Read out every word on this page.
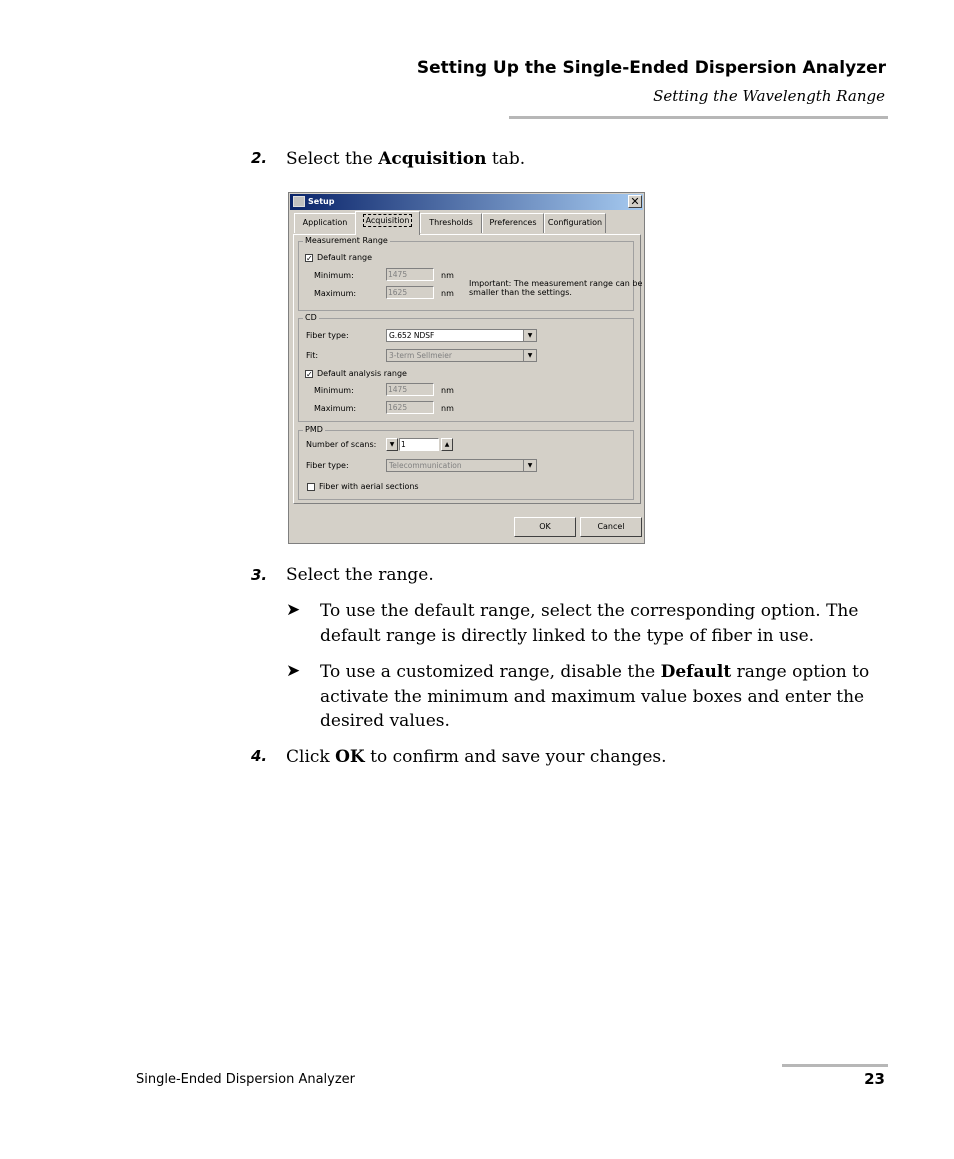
Setting Up the Single-Ended Dispersion Analyzer
Setting the Wavelength Range
2. Select the Acquisition tab.
Setup	✕
Application	Acquisition	Thresholds	Preferences	Configuration
Measurement Range
✓ Default range
Minimum:	1475	nm
Maximum:	1625	nm
Important: The measurement range can be
smaller than the settings.
CD
Fiber type:	G.652 NDSF	▼
Fit:	3-term Sellmeier	▼
✓ Default analysis range
Minimum:	1475	nm
Maximum:	1625	nm
PMD
Number of scans:	▼ 1	▲
Fiber type:	Telecommunication	▼
Fiber with aerial sections
OK	Cancel
3. Select the range.
➤ To use the default range, select the corresponding option. The
default range is directly linked to the type of fiber in use.
➤ To use a customized range, disable the Default range option to
activate the minimum and maximum value boxes and enter the
desired values.
4. Click OK to confirm and save your changes.
Single-Ended Dispersion Analyzer	23
